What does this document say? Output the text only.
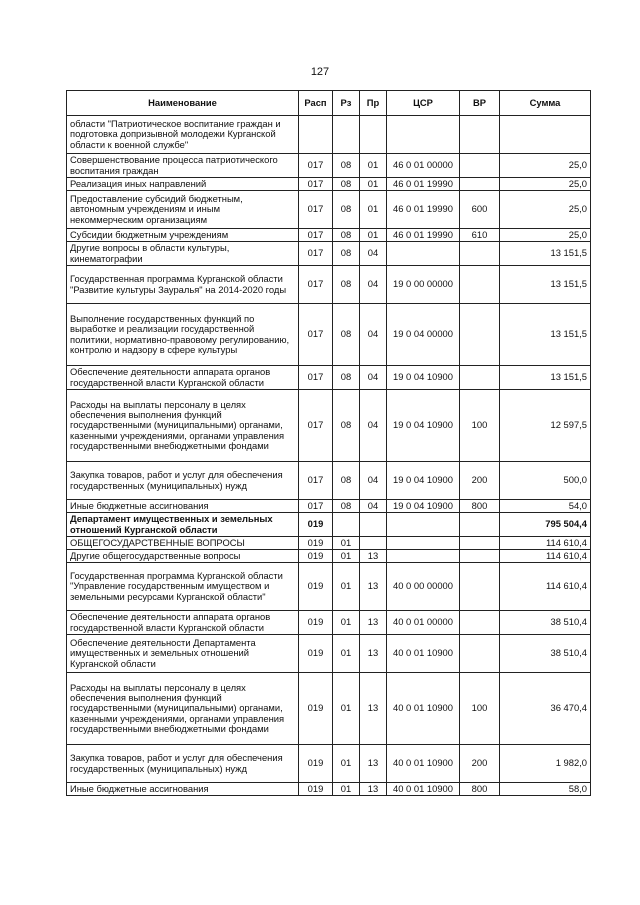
127
Наименование	Расп	Рз	Пр	ЦСР	ВР	Сумма
области "Патриотическое воспитание граждан и подготовка допризывной молодежи Курганской области к военной службе"						
Совершенствование процесса патриотического воспитания граждан	017	08	01	46 0 01 00000		25,0
Реализация иных направлений	017	08	01	46 0 01 19990		25,0
Предоставление субсидий бюджетным, автономным учреждениям и иным некоммерческим организациям	017	08	01	46 0 01 19990	600	25,0
Субсидии бюджетным учреждениям	017	08	01	46 0 01 19990	610	25,0
Другие вопросы в области культуры, кинематографии	017	08	04			13 151,5
Государственная программа Курганской области "Развитие культуры Зауралья" на 2014-2020 годы	017	08	04	19 0 00 00000		13 151,5
Выполнение государственных функций по выработке и реализации государственной политики, нормативно-правовому регулированию, контролю и надзору в сфере культуры	017	08	04	19 0 04 00000		13 151,5
Обеспечение деятельности аппарата органов государственной власти Курганской области	017	08	04	19 0 04 10900		13 151,5
Расходы на выплаты персоналу в целях обеспечения выполнения функций государственными (муниципальными) органами, казенными учреждениями, органами управления государственными внебюджетными фондами	017	08	04	19 0 04 10900	100	12 597,5
Закупка товаров, работ и услуг для обеспечения государственных (муниципальных) нужд	017	08	04	19 0 04 10900	200	500,0
Иные бюджетные ассигнования	017	08	04	19 0 04 10900	800	54,0
Департамент имущественных и земельных отношений Курганской области	019					795 504,4
ОБЩЕГОСУДАРСТВЕННЫЕ ВОПРОСЫ	019	01				114 610,4
Другие общегосударственные вопросы	019	01	13			114 610,4
Государственная программа Курганской области "Управление государственным имуществом и земельными ресурсами Курганской области"	019	01	13	40 0 00 00000		114 610,4
Обеспечение деятельности аппарата органов государственной власти Курганской области	019	01	13	40 0 01 00000		38 510,4
Обеспечение деятельности Департамента имущественных и земельных отношений Курганской области	019	01	13	40 0 01 10900		38 510,4
Расходы на выплаты персоналу в целях обеспечения выполнения функций государственными (муниципальными) органами, казенными учреждениями, органами управления государственными внебюджетными фондами	019	01	13	40 0 01 10900	100	36 470,4
Закупка товаров, работ и услуг для обеспечения государственных (муниципальных) нужд	019	01	13	40 0 01 10900	200	1 982,0
Иные бюджетные ассигнования	019	01	13	40 0 01 10900	800	58,0
